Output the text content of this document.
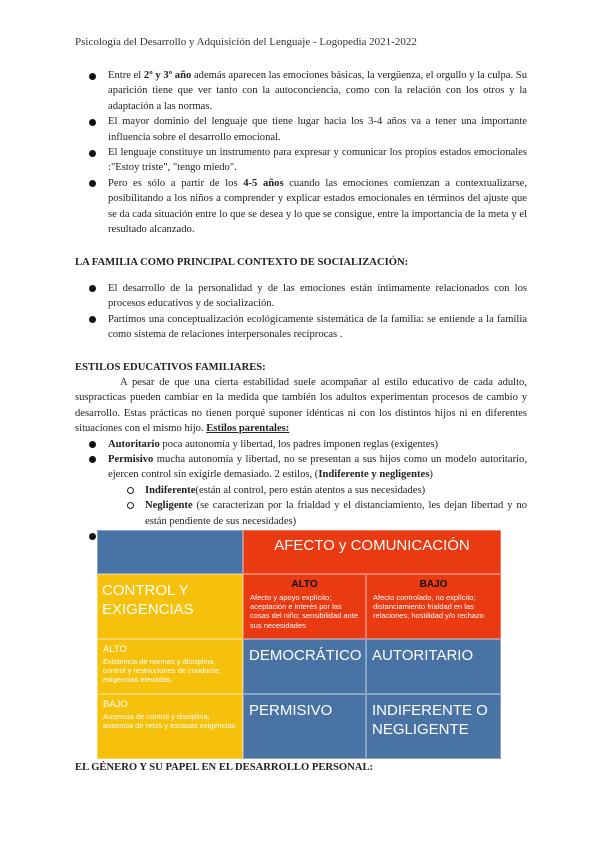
Psicología del Desarrollo y Adquisición del Lenguaje - Logopedia 2021-2022
Entre el 2º y 3º año además aparecen las emociones básicas, la vergüenza, el orgullo y la culpa. Su aparición tiene que ver tanto con la autoconciencia, como con la relación con los otros y la adaptación a las normas.
El mayor dominio del lenguaje que tiene lugar hacia los 3-4 años va a tener una importante influencia sobre el desarrollo emocional.
El lenguaje constituye un instrumento para expresar y comunicar los propios estados emocionales :"Estoy triste", "tengo miedo".
Pero es sólo a partir de los 4-5 años cuando las emociones comienzan a contextualizarse, posibilitando a los niños a comprender y explicar estados emocionales en términos del ajuste que se da cada situación entre lo que se desea y lo que se consigue, entre la importancia de la meta y el resultado alcanzado.
LA FAMILIA COMO PRINCIPAL CONTEXTO DE SOCIALIZACIÓN:
El desarrollo de la personalidad y de las emociones están íntimamente relacionados con los procesos educativos y de socialización.
Partimos una conceptualización ecológicamente sistemática de la familia: se entiende a la familia como sistema de relaciones interpersonales recíprocas .
ESTILOS EDUCATIVOS FAMILIARES:

A pesar de que una cierta estabilidad suele acompañar al estilo educativo de cada adulto, suspracticas pueden cambiar en la medida que también los adultos experimentan procesos de cambio y desarrollo. Estas prácticas no tienen porqué suponer idénticas ni con los distintos hijos ni en diferentes situaciones con el mismo hijo. Estilos parentales:

Autoritario poca autonomía y libertad, los padres imponen reglas (exigentes)
Permisivo mucha autonomía y libertad, no se presentan a sus hijos como un modelo autoritario, ejercen control sin exigirle demasiado. 2 estilos, (Indiferente y negligentes)
Indiferente(están al control, pero están atentos a sus necesidades)
Negligente (se caracterizan por la frialdad y el distanciamiento, les dejan libertad y no están pendiente de sus necesidades)
AFECTO y COMUNICACIÓN
CONTROL Y EXIGENCIAS
ALTO
Afecto y apoyo explícito; aceptación e interés por las cosas del niño; sensibilidad ante sus necesidades
BAJO
Afecto controlado, no explícito; distanciamiento frialdad en las relaciones; hostilidad y/o rechazo
ALTO
Existencia de normas y disciplina, control y restricciones de conducta; exigencias elevadas.
DEMOCRÁTICO AUTORITARIO
BAJO
Ausencia de control y disciplina; ausencia de retos y escasas exigencias
PERMISIVO	INDIFERENTE O NEGLIGENTE
EL GÉNERO Y SU PAPEL EN EL DESARROLLO PERSONAL:
